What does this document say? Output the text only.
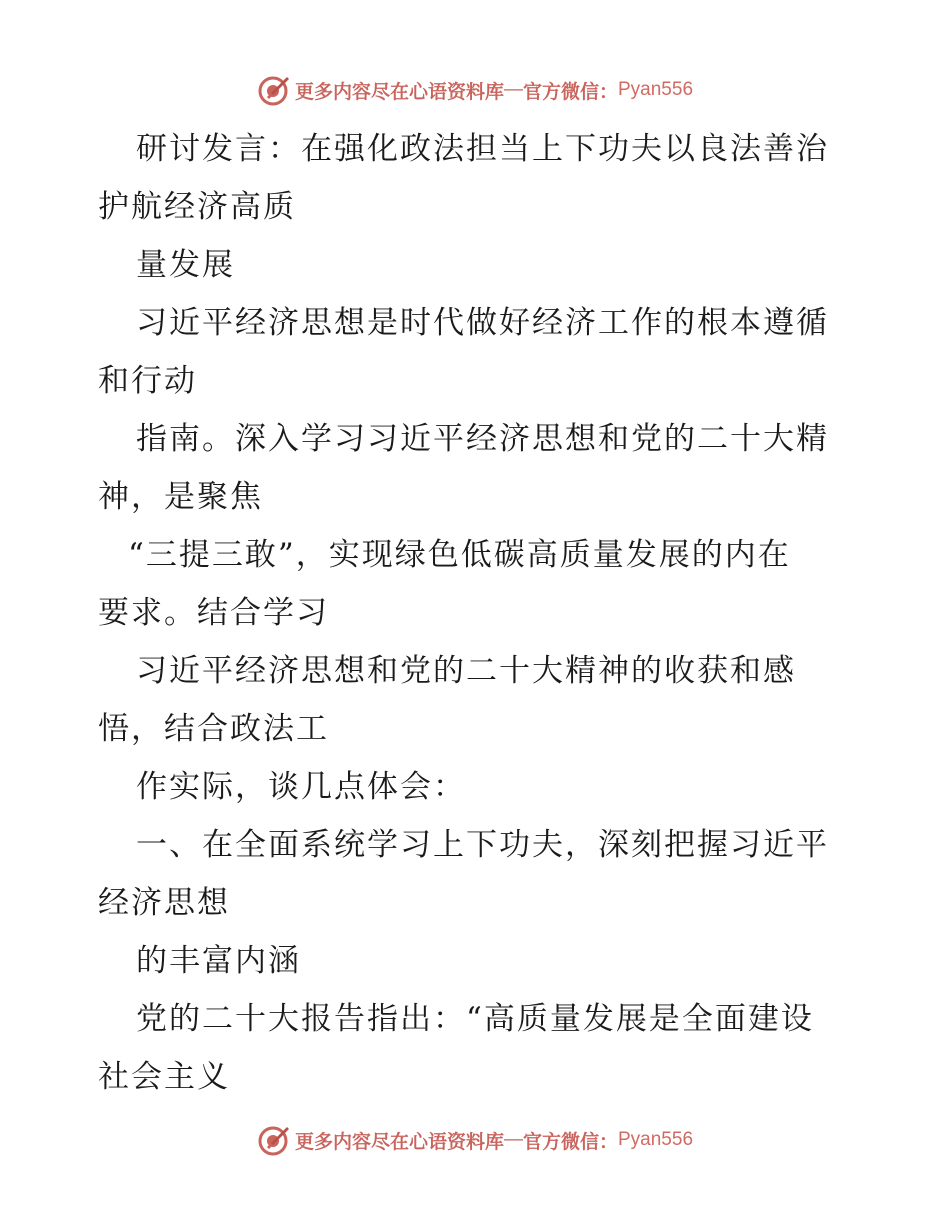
更多内容尽在心语资料库 — 官方微信： Pyan556
研讨发言：在强化政法担当上下功夫以良法善治
护航经济高质
量发展
习近平经济思想是时代做好经济工作的根本遵循
和行动
指南。深入学习习近平经济思想和党的二十大精
神，是聚焦
“三提三敢”，实现绿色低碳高质量发展的内在
要求。结合学习
习近平经济思想和党的二十大精神的收获和感
悟，结合政法工
作实际，谈几点体会：
一、在全面系统学习上下功夫，深刻把握习近平
经济思想
的丰富内涵
党的二十大报告指出：“高质量发展是全面建设
社会主义
更多内容尽在心语资料库 — 官方微信： Pyan556
